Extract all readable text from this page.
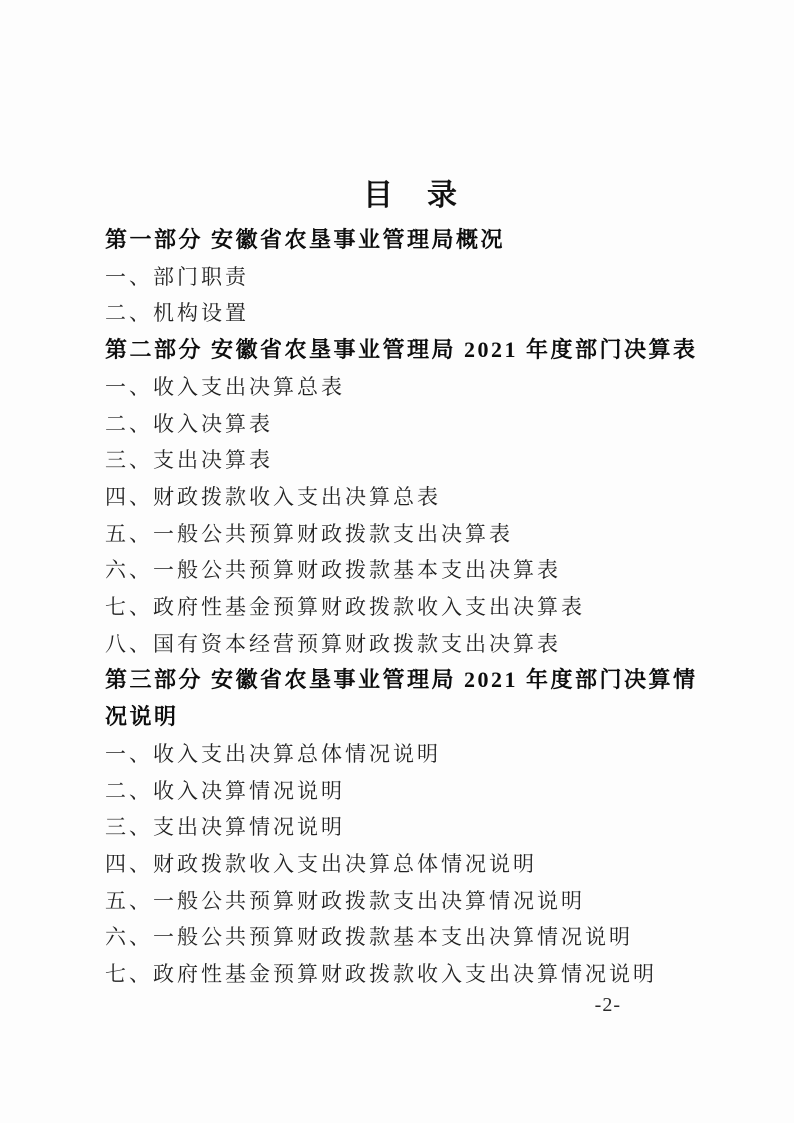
目　录

第一部分 安徽省农垦事业管理局概况

一、部门职责

二、机构设置

第二部分 安徽省农垦事业管理局 2021 年度部门决算表

一、收入支出决算总表

二、收入决算表

三、支出决算表

四、财政拨款收入支出决算总表

五、一般公共预算财政拨款支出决算表

六、一般公共预算财政拨款基本支出决算表

七、政府性基金预算财政拨款收入支出决算表

八、国有资本经营预算财政拨款支出决算表

第三部分 安徽省农垦事业管理局 2021 年度部门决算情况说明

一、收入支出决算总体情况说明

二、收入决算情况说明

三、支出决算情况说明

四、财政拨款收入支出决算总体情况说明

五、一般公共预算财政拨款支出决算情况说明

六、一般公共预算财政拨款基本支出决算情况说明

七、政府性基金预算财政拨款收入支出决算情况说明

-2-
